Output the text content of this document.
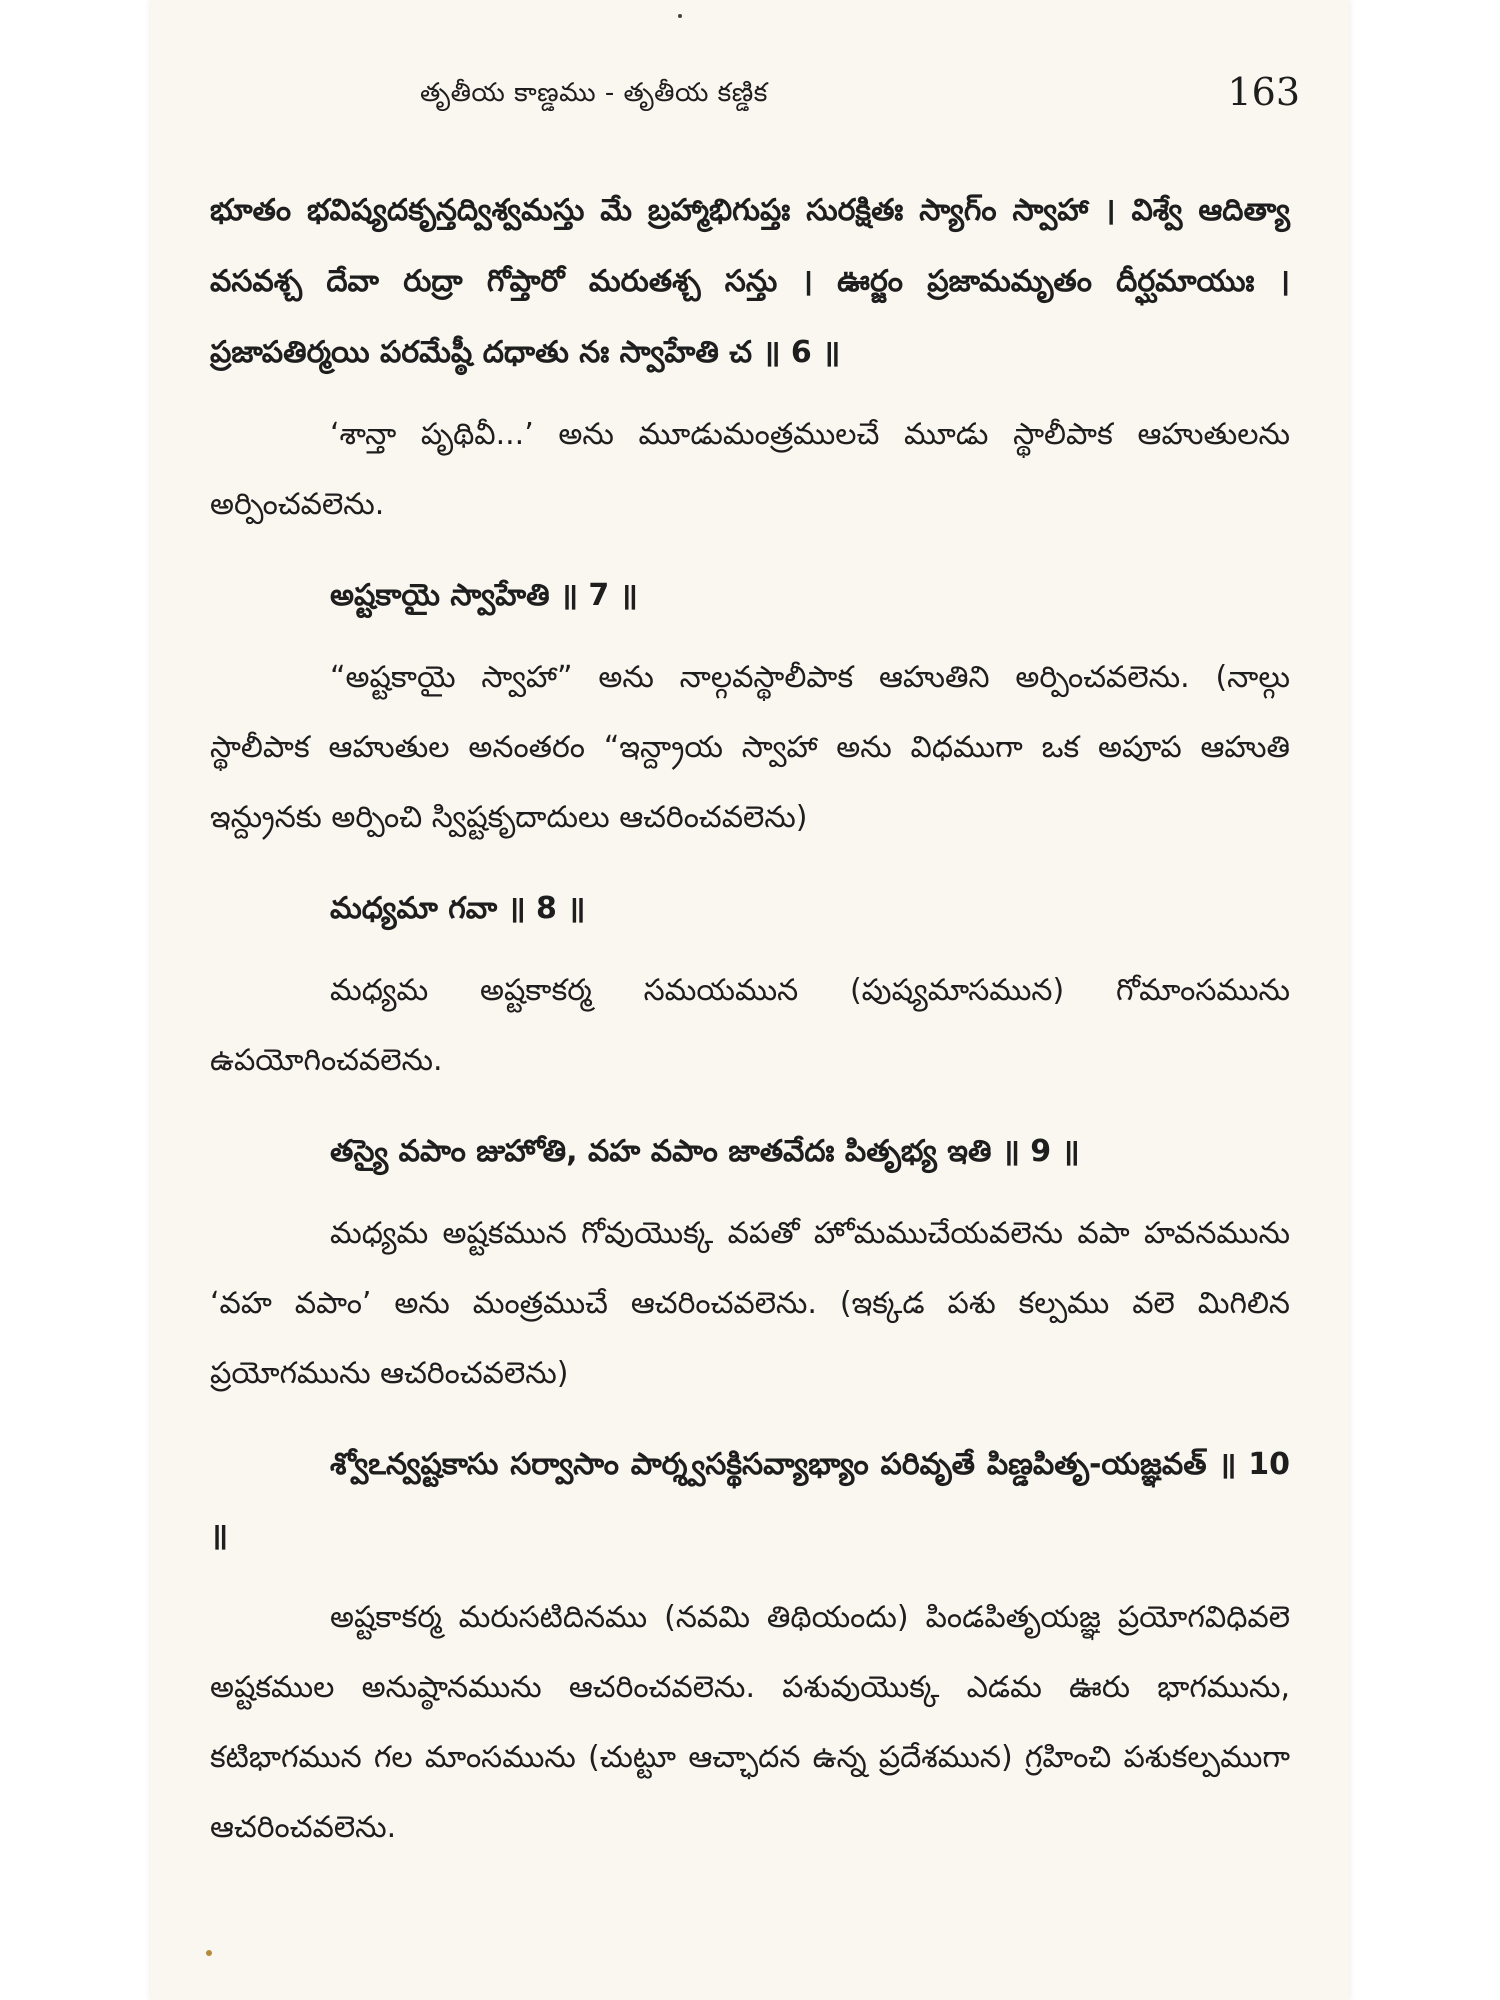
తృతీయ కాణ్డము - తృతీయ కణ్డిక	163

భూతం భవిష్యదకృన్తద్విశ్వమస్తు మే బ్రహ్మాభిగుప్తః సురక్షితః స్యాగ్ం స్వాహా । విశ్వే ఆదిత్యా వసవశ్చ దేవా రుద్రా గోప్తారో మరుతశ్చ సన్తు । ఊర్జం ప్రజామమృతం దీర్ఘమాయుః । ప్రజాపతిర్మయి పరమేష్ఠీ దధాతు నః స్వాహేతి చ ॥ 6 ॥

‘శాన్తా పృథివీ...’ అను మూడుమంత్రములచే మూడు స్థాలీపాక ఆహుతులను అర్పించవలెను.

అష్టకాయై స్వాహేతి ॥ 7 ॥

“అష్టకాయై స్వాహా” అను నాల్గవస్థాలీపాక ఆహుతిని అర్పించవలెను. (నాల్గు స్థాలీపాక ఆహుతుల అనంతరం “ఇన్ద్రాయ స్వాహా అను విధముగా ఒక అపూప ఆహుతి ఇన్ద్రునకు అర్పించి స్విష్టకృదాదులు ఆచరించవలెను)

మధ్యమా గవా ॥ 8 ॥

మధ్యమ అష్టకాకర్మ సమయమున (పుష్యమాసమున) గోమాంసమును ఉపయోగించవలెను.

తస్యై వపాం జుహోతి, వహ వపాం జాతవేదః పితృభ్య ఇతి ॥ 9 ॥

మధ్యమ అష్టకమున గోవుయొక్క వపతో హోమముచేయవలెను వపా హవనమును ‘వహ వపాం’ అను మంత్రముచే ఆచరించవలెను. (ఇక్కడ పశు కల్పము వలె మిగిలిన ప్రయోగమును ఆచరించవలెను)

శ్వోఽన్వష్టకాసు సర్వాసాం పార్శ్వసక్థిసవ్యాభ్యాం పరివృతే పిణ్డపితృ-యజ్ఞవత్ ॥ 10 ॥

అష్టకాకర్మ మరుసటిదినము (నవమి తిథియందు) పిండపితృయజ్ఞ ప్రయోగవిధివలె అష్టకముల అనుష్ఠానమును ఆచరించవలెను. పశువుయొక్క ఎడమ ఊరు భాగమును, కటిభాగమున గల మాంసమును (చుట్టూ ఆచ్ఛాదన ఉన్న ప్రదేశమున) గ్రహించి పశుకల్పముగా ఆచరించవలెను.
